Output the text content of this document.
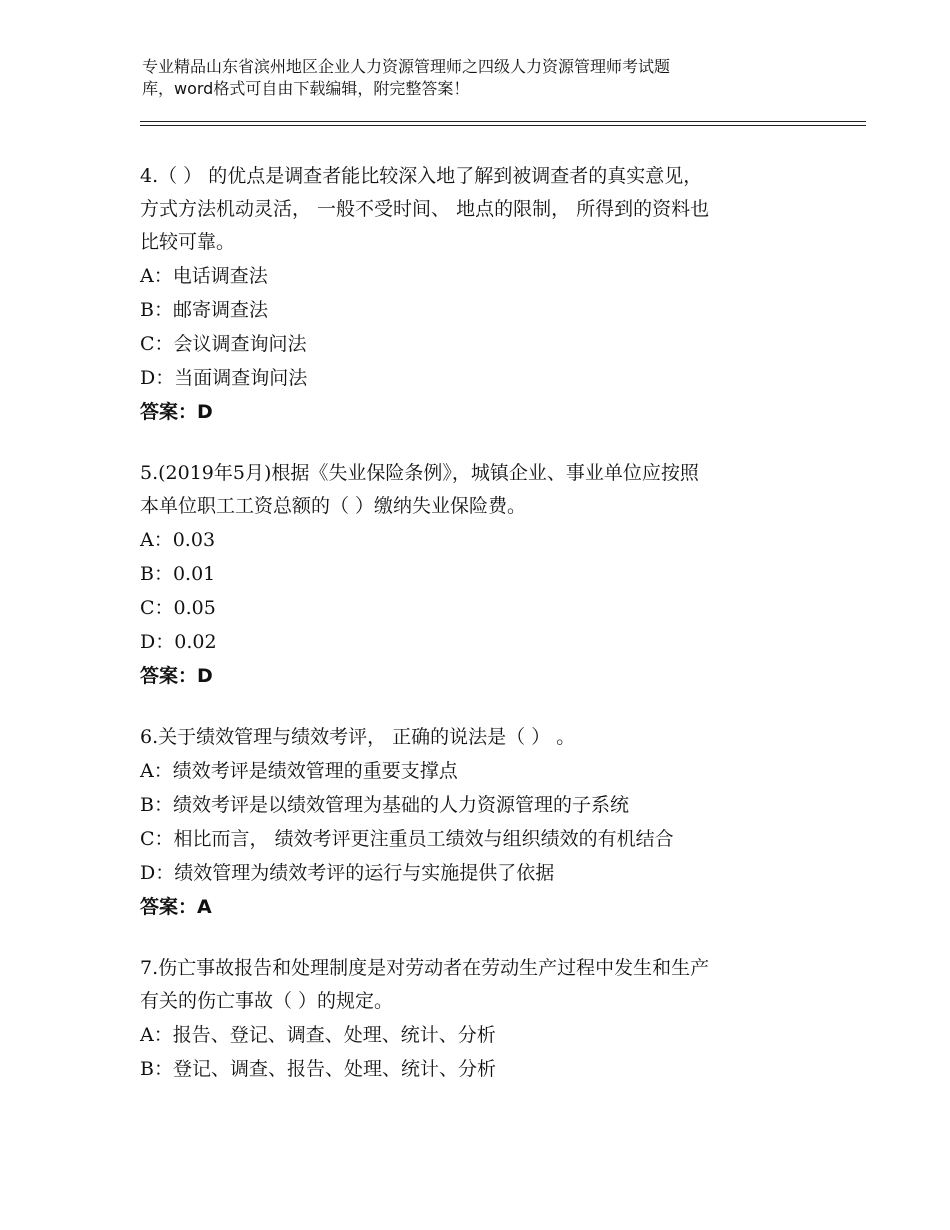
专业精品山东省滨州地区企业人力资源管理师之四级人力资源管理师考试题
库，word格式可自由下载编辑，附完整答案！
4.（ ） 的优点是调查者能比较深入地了解到被调查者的真实意见，
方式方法机动灵活， 一般不受时间、 地点的限制， 所得到的资料也
比较可靠。
A：电话调查法
B：邮寄调查法
C：会议调查询问法
D：当面调查询问法
答案：D
5.(2019年5月)根据《失业保险条例》，城镇企业、事业单位应按照
本单位职工工资总额的（ ）缴纳失业保险费。
A：0.03
B：0.01
C：0.05
D：0.02
答案：D
6.关于绩效管理与绩效考评， 正确的说法是（ ） 。
A：绩效考评是绩效管理的重要支撑点
B：绩效考评是以绩效管理为基础的人力资源管理的子系统
C：相比而言， 绩效考评更注重员工绩效与组织绩效的有机结合
D：绩效管理为绩效考评的运行与实施提供了依据
答案：A
7.伤亡事故报告和处理制度是对劳动者在劳动生产过程中发生和生产
有关的伤亡事故（ ）的规定。
A：报告、登记、调查、处理、统计、分析
B：登记、调查、报告、处理、统计、分析
